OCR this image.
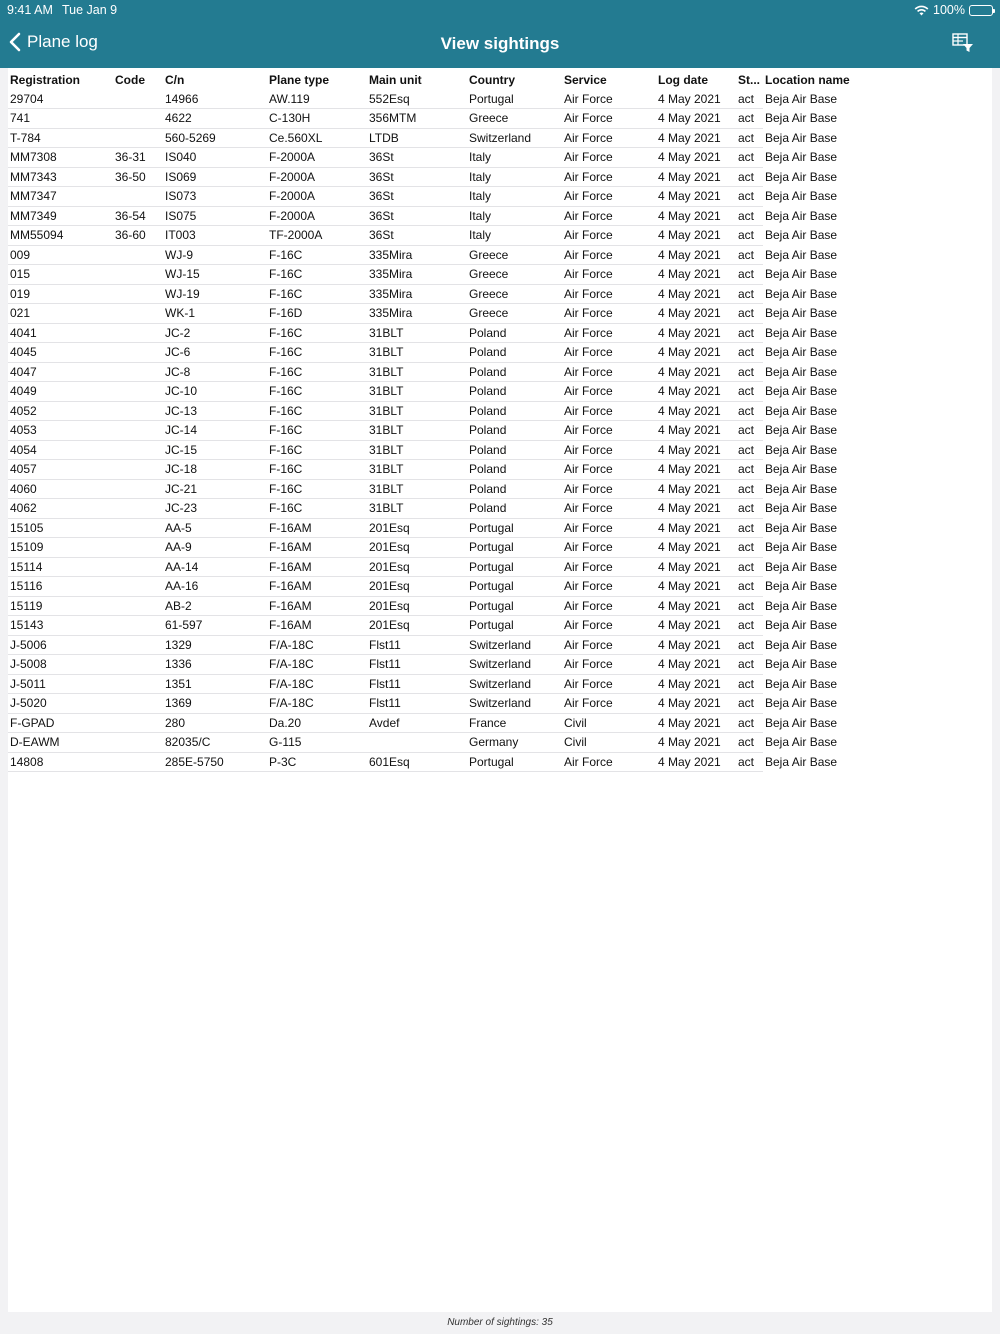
9:41 AM Tue Jan 9	100%
Plane log	View sightings
Registration	Code	C/n	Plane type	Main unit	Country	Service	Log date	St...	Location name
29704		14966	AW.119	552Esq	Portugal	Air Force	4 May 2021	act	Beja Air Base
741		4622	C-130H	356MTM	Greece	Air Force	4 May 2021	act	Beja Air Base
T-784		560-5269	Ce.560XL	LTDB	Switzerland	Air Force	4 May 2021	act	Beja Air Base
MM7308	36-31	IS040	F-2000A	36St	Italy	Air Force	4 May 2021	act	Beja Air Base
MM7343	36-50	IS069	F-2000A	36St	Italy	Air Force	4 May 2021	act	Beja Air Base
MM7347		IS073	F-2000A	36St	Italy	Air Force	4 May 2021	act	Beja Air Base
MM7349	36-54	IS075	F-2000A	36St	Italy	Air Force	4 May 2021	act	Beja Air Base
MM55094	36-60	IT003	TF-2000A	36St	Italy	Air Force	4 May 2021	act	Beja Air Base
009		WJ-9	F-16C	335Mira	Greece	Air Force	4 May 2021	act	Beja Air Base
015		WJ-15	F-16C	335Mira	Greece	Air Force	4 May 2021	act	Beja Air Base
019		WJ-19	F-16C	335Mira	Greece	Air Force	4 May 2021	act	Beja Air Base
021		WK-1	F-16D	335Mira	Greece	Air Force	4 May 2021	act	Beja Air Base
4041		JC-2	F-16C	31BLT	Poland	Air Force	4 May 2021	act	Beja Air Base
4045		JC-6	F-16C	31BLT	Poland	Air Force	4 May 2021	act	Beja Air Base
4047		JC-8	F-16C	31BLT	Poland	Air Force	4 May 2021	act	Beja Air Base
4049		JC-10	F-16C	31BLT	Poland	Air Force	4 May 2021	act	Beja Air Base
4052		JC-13	F-16C	31BLT	Poland	Air Force	4 May 2021	act	Beja Air Base
4053		JC-14	F-16C	31BLT	Poland	Air Force	4 May 2021	act	Beja Air Base
4054		JC-15	F-16C	31BLT	Poland	Air Force	4 May 2021	act	Beja Air Base
4057		JC-18	F-16C	31BLT	Poland	Air Force	4 May 2021	act	Beja Air Base
4060		JC-21	F-16C	31BLT	Poland	Air Force	4 May 2021	act	Beja Air Base
4062		JC-23	F-16C	31BLT	Poland	Air Force	4 May 2021	act	Beja Air Base
15105		AA-5	F-16AM	201Esq	Portugal	Air Force	4 May 2021	act	Beja Air Base
15109		AA-9	F-16AM	201Esq	Portugal	Air Force	4 May 2021	act	Beja Air Base
15114		AA-14	F-16AM	201Esq	Portugal	Air Force	4 May 2021	act	Beja Air Base
15116		AA-16	F-16AM	201Esq	Portugal	Air Force	4 May 2021	act	Beja Air Base
15119		AB-2	F-16AM	201Esq	Portugal	Air Force	4 May 2021	act	Beja Air Base
15143		61-597	F-16AM	201Esq	Portugal	Air Force	4 May 2021	act	Beja Air Base
J-5006		1329	F/A-18C	Flst11	Switzerland	Air Force	4 May 2021	act	Beja Air Base
J-5008		1336	F/A-18C	Flst11	Switzerland	Air Force	4 May 2021	act	Beja Air Base
J-5011		1351	F/A-18C	Flst11	Switzerland	Air Force	4 May 2021	act	Beja Air Base
J-5020		1369	F/A-18C	Flst11	Switzerland	Air Force	4 May 2021	act	Beja Air Base
F-GPAD		280	Da.20	Avdef	France	Civil	4 May 2021	act	Beja Air Base
D-EAWM		82035/C	G-115		Germany	Civil	4 May 2021	act	Beja Air Base
14808		285E-5750	P-3C	601Esq	Portugal	Air Force	4 May 2021	act	Beja Air Base
Number of sightings: 35
